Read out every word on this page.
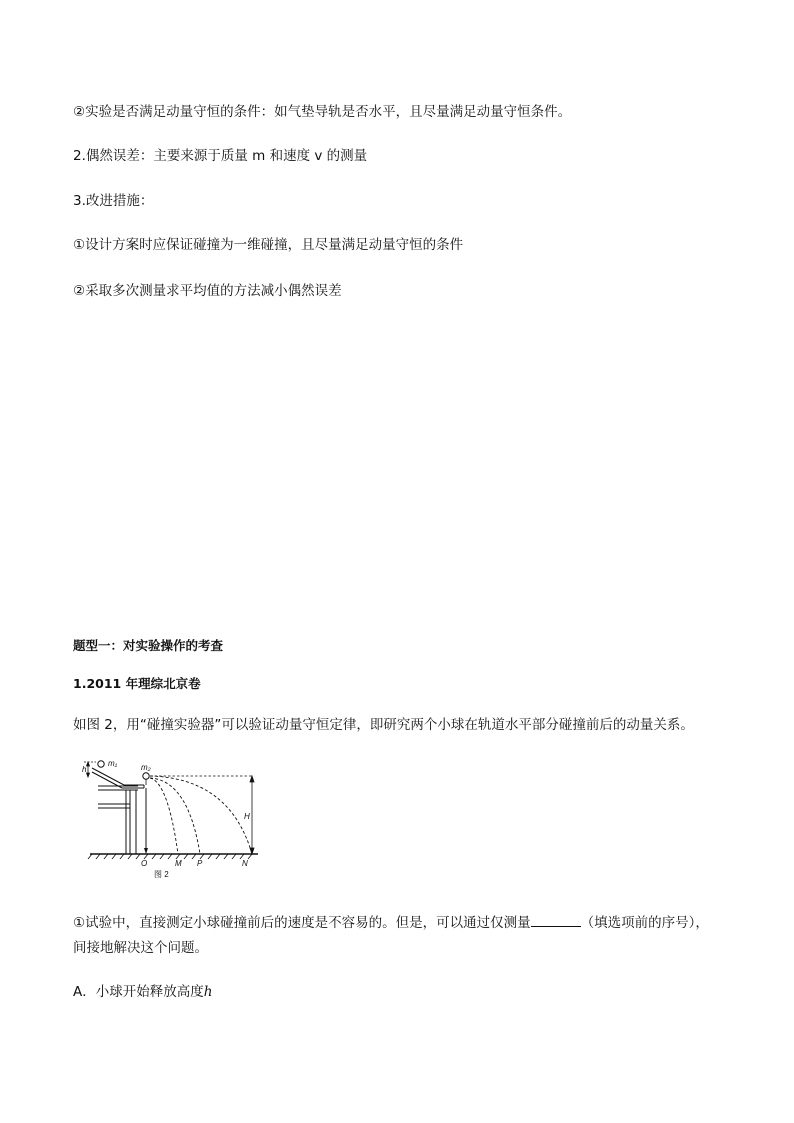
②实验是否满足动量守恒的条件：如气垫导轨是否水平，且尽量满足动量守恒条件。
2.偶然误差：主要来源于质量 m 和速度 v 的测量
3.改进措施：
①设计方案时应保证碰撞为一维碰撞，且尽量满足动量守恒的条件
②采取多次测量求平均值的方法减小偶然误差
题型一：对实验操作的考查
1.2011 年理综北京卷
如图 2，用“碰撞实验器”可以验证动量守恒定律，即研究两个小球在轨道水平部分碰撞前后的动量关系。
h
m₁	m₂
H
O	M P	N
图 2
①试验中，直接测定小球碰撞前后的速度是不容易的。但是，可以通过仅测量	（填选项前的序号），
间接地解决这个问题。
A．小球开始释放高度h
